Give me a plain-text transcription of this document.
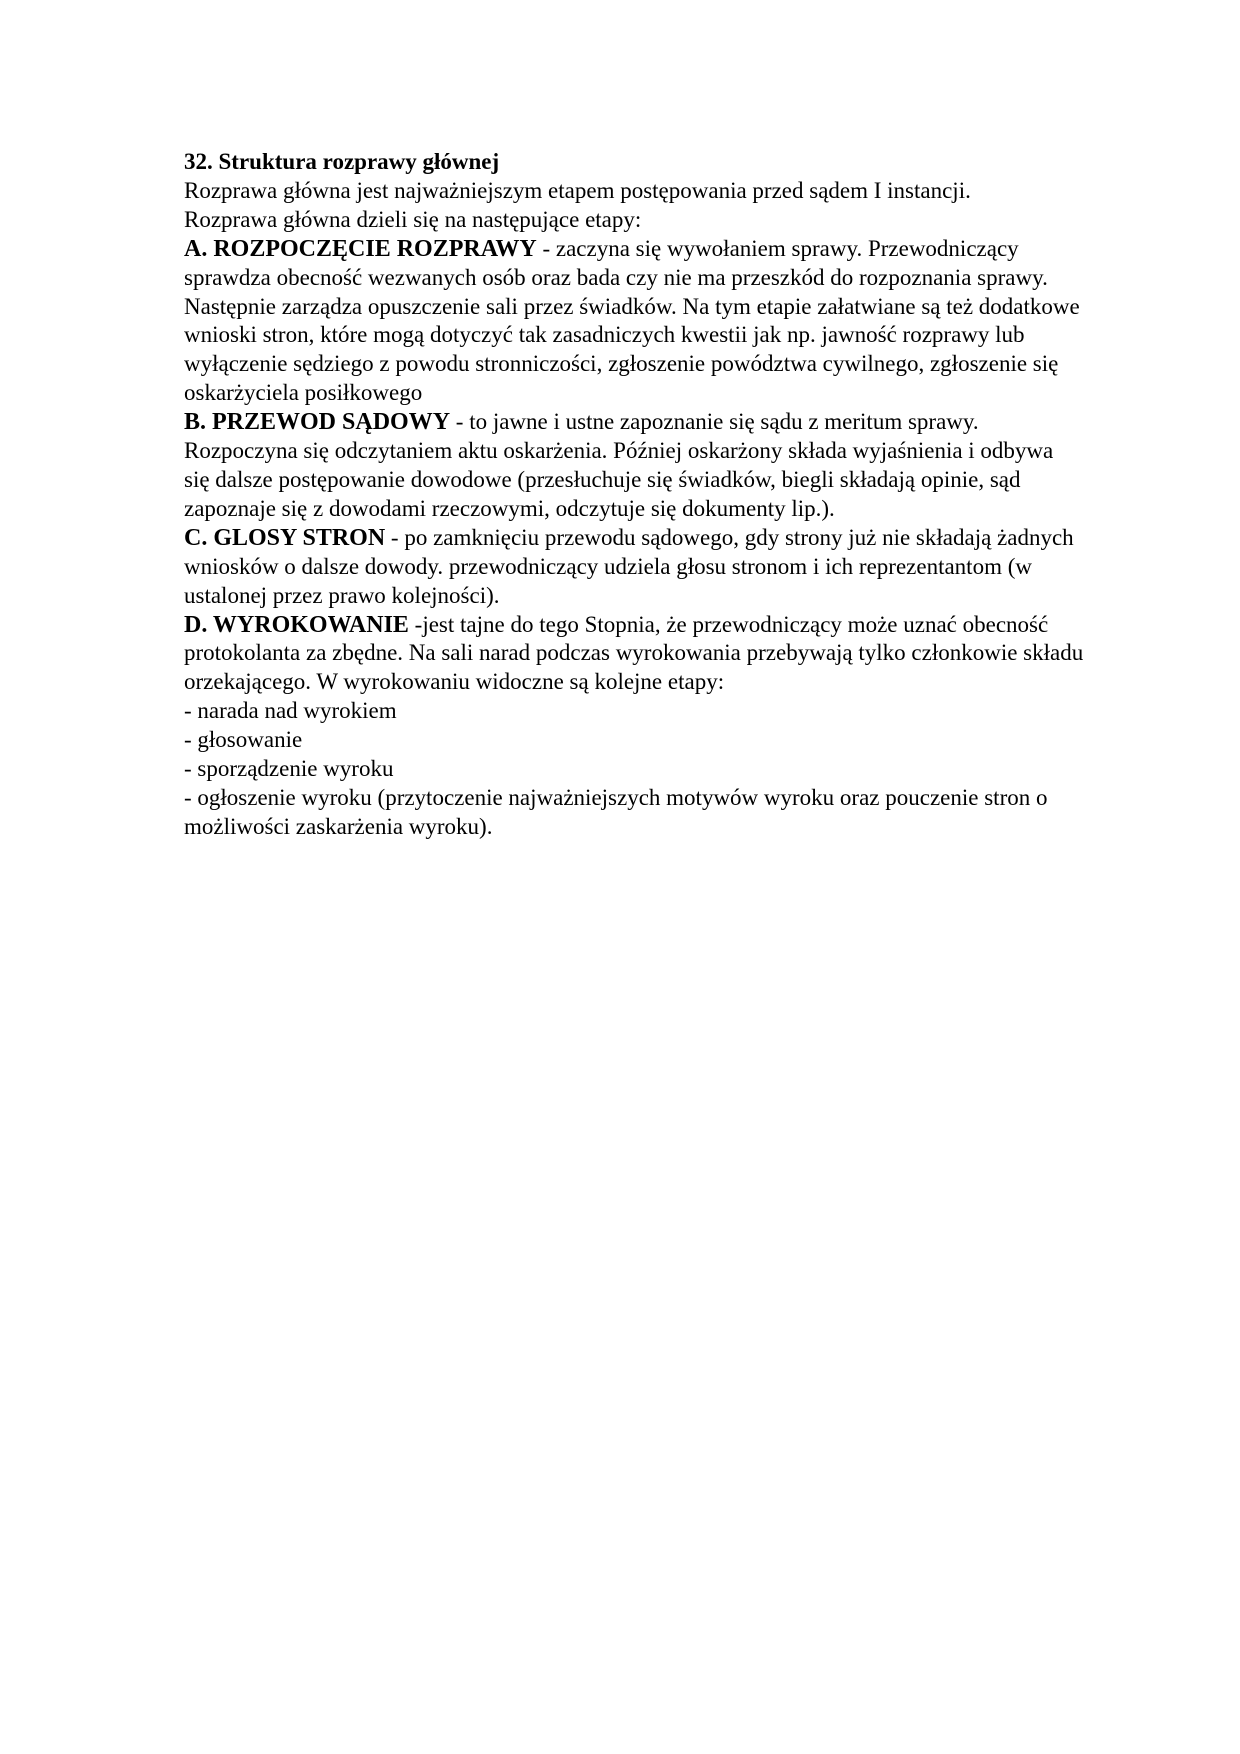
32. Struktura rozprawy głównej

Rozprawa główna jest najważniejszym etapem postępowania przed sądem I instancji.

Rozprawa główna dzieli się na następujące etapy:

A. ROZPOCZĘCIE ROZPRAWY - zaczyna się wywołaniem sprawy. Przewodniczący sprawdza obecność wezwanych osób oraz bada czy nie ma przeszkód do rozpoznania sprawy. Następnie zarządza opuszczenie sali przez świadków. Na tym etapie załatwiane są też dodatkowe wnioski stron, które mogą dotyczyć tak zasadniczych kwestii jak np. jawność rozprawy lub wyłączenie sędziego z powodu stronniczości, zgłoszenie powództwa cywilnego, zgłoszenie się oskarżyciela posiłkowego

B. PRZEWOD SĄDOWY - to jawne i ustne zapoznanie się sądu z meritum sprawy. Rozpoczyna się odczytaniem aktu oskarżenia. Później oskarżony składa wyjaśnienia i odbywa się dalsze postępowanie dowodowe (przesłuchuje się świadków, biegli składają opinie, sąd zapoznaje się z dowodami rzeczowymi, odczytuje się dokumenty lip.).

C. GLOSY STRON - po zamknięciu przewodu sądowego, gdy strony już nie składają żadnych wniosków o dalsze dowody. przewodniczący udziela głosu stronom i ich reprezentantom (w ustalonej przez prawo kolejności).

D. WYROKOWANIE -jest tajne do tego Stopnia, że przewodniczący może uznać obecność protokolanta za zbędne. Na sali narad podczas wyrokowania przebywają tylko członkowie składu orzekającego. W wyrokowaniu widoczne są kolejne etapy:

- narada nad wyrokiem

- głosowanie

- sporządzenie wyroku

- ogłoszenie wyroku (przytoczenie najważniejszych motywów wyroku oraz pouczenie stron o możliwości zaskarżenia wyroku).
